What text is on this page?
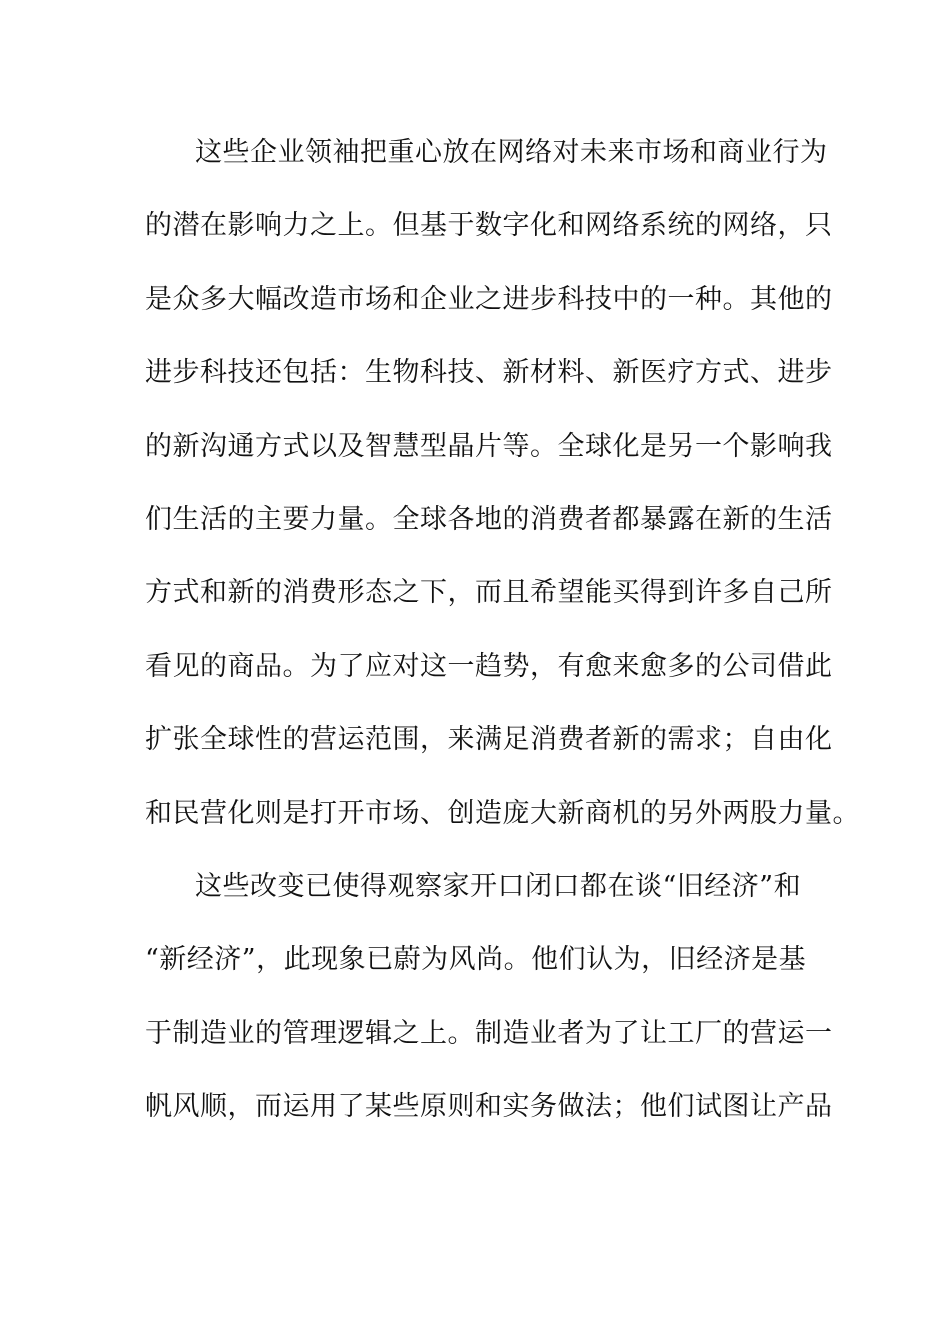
这些企业领袖把重心放在网络对未来市场和商业行为
的潜在影响力之上。但基于数字化和网络系统的网络，只
是众多大幅改造市场和企业之进步科技中的一种。其他的
进步科技还包括：生物科技、新材料、新医疗方式、进步
的新沟通方式以及智慧型晶片等。全球化是另一个影响我
们生活的主要力量。全球各地的消费者都暴露在新的生活
方式和新的消费形态之下，而且希望能买得到许多自己所
看见的商品。为了应对这一趋势，有愈来愈多的公司借此
扩张全球性的营运范围，来满足消费者新的需求；自由化
和民营化则是打开市场、创造庞大新商机的另外两股力量。
这些改变已使得观察家开口闭口都在谈“旧经济”和
“新经济”，此现象已蔚为风尚。他们认为，旧经济是基
于制造业的管理逻辑之上。制造业者为了让工厂的营运一
帆风顺，而运用了某些原则和实务做法；他们试图让产品
